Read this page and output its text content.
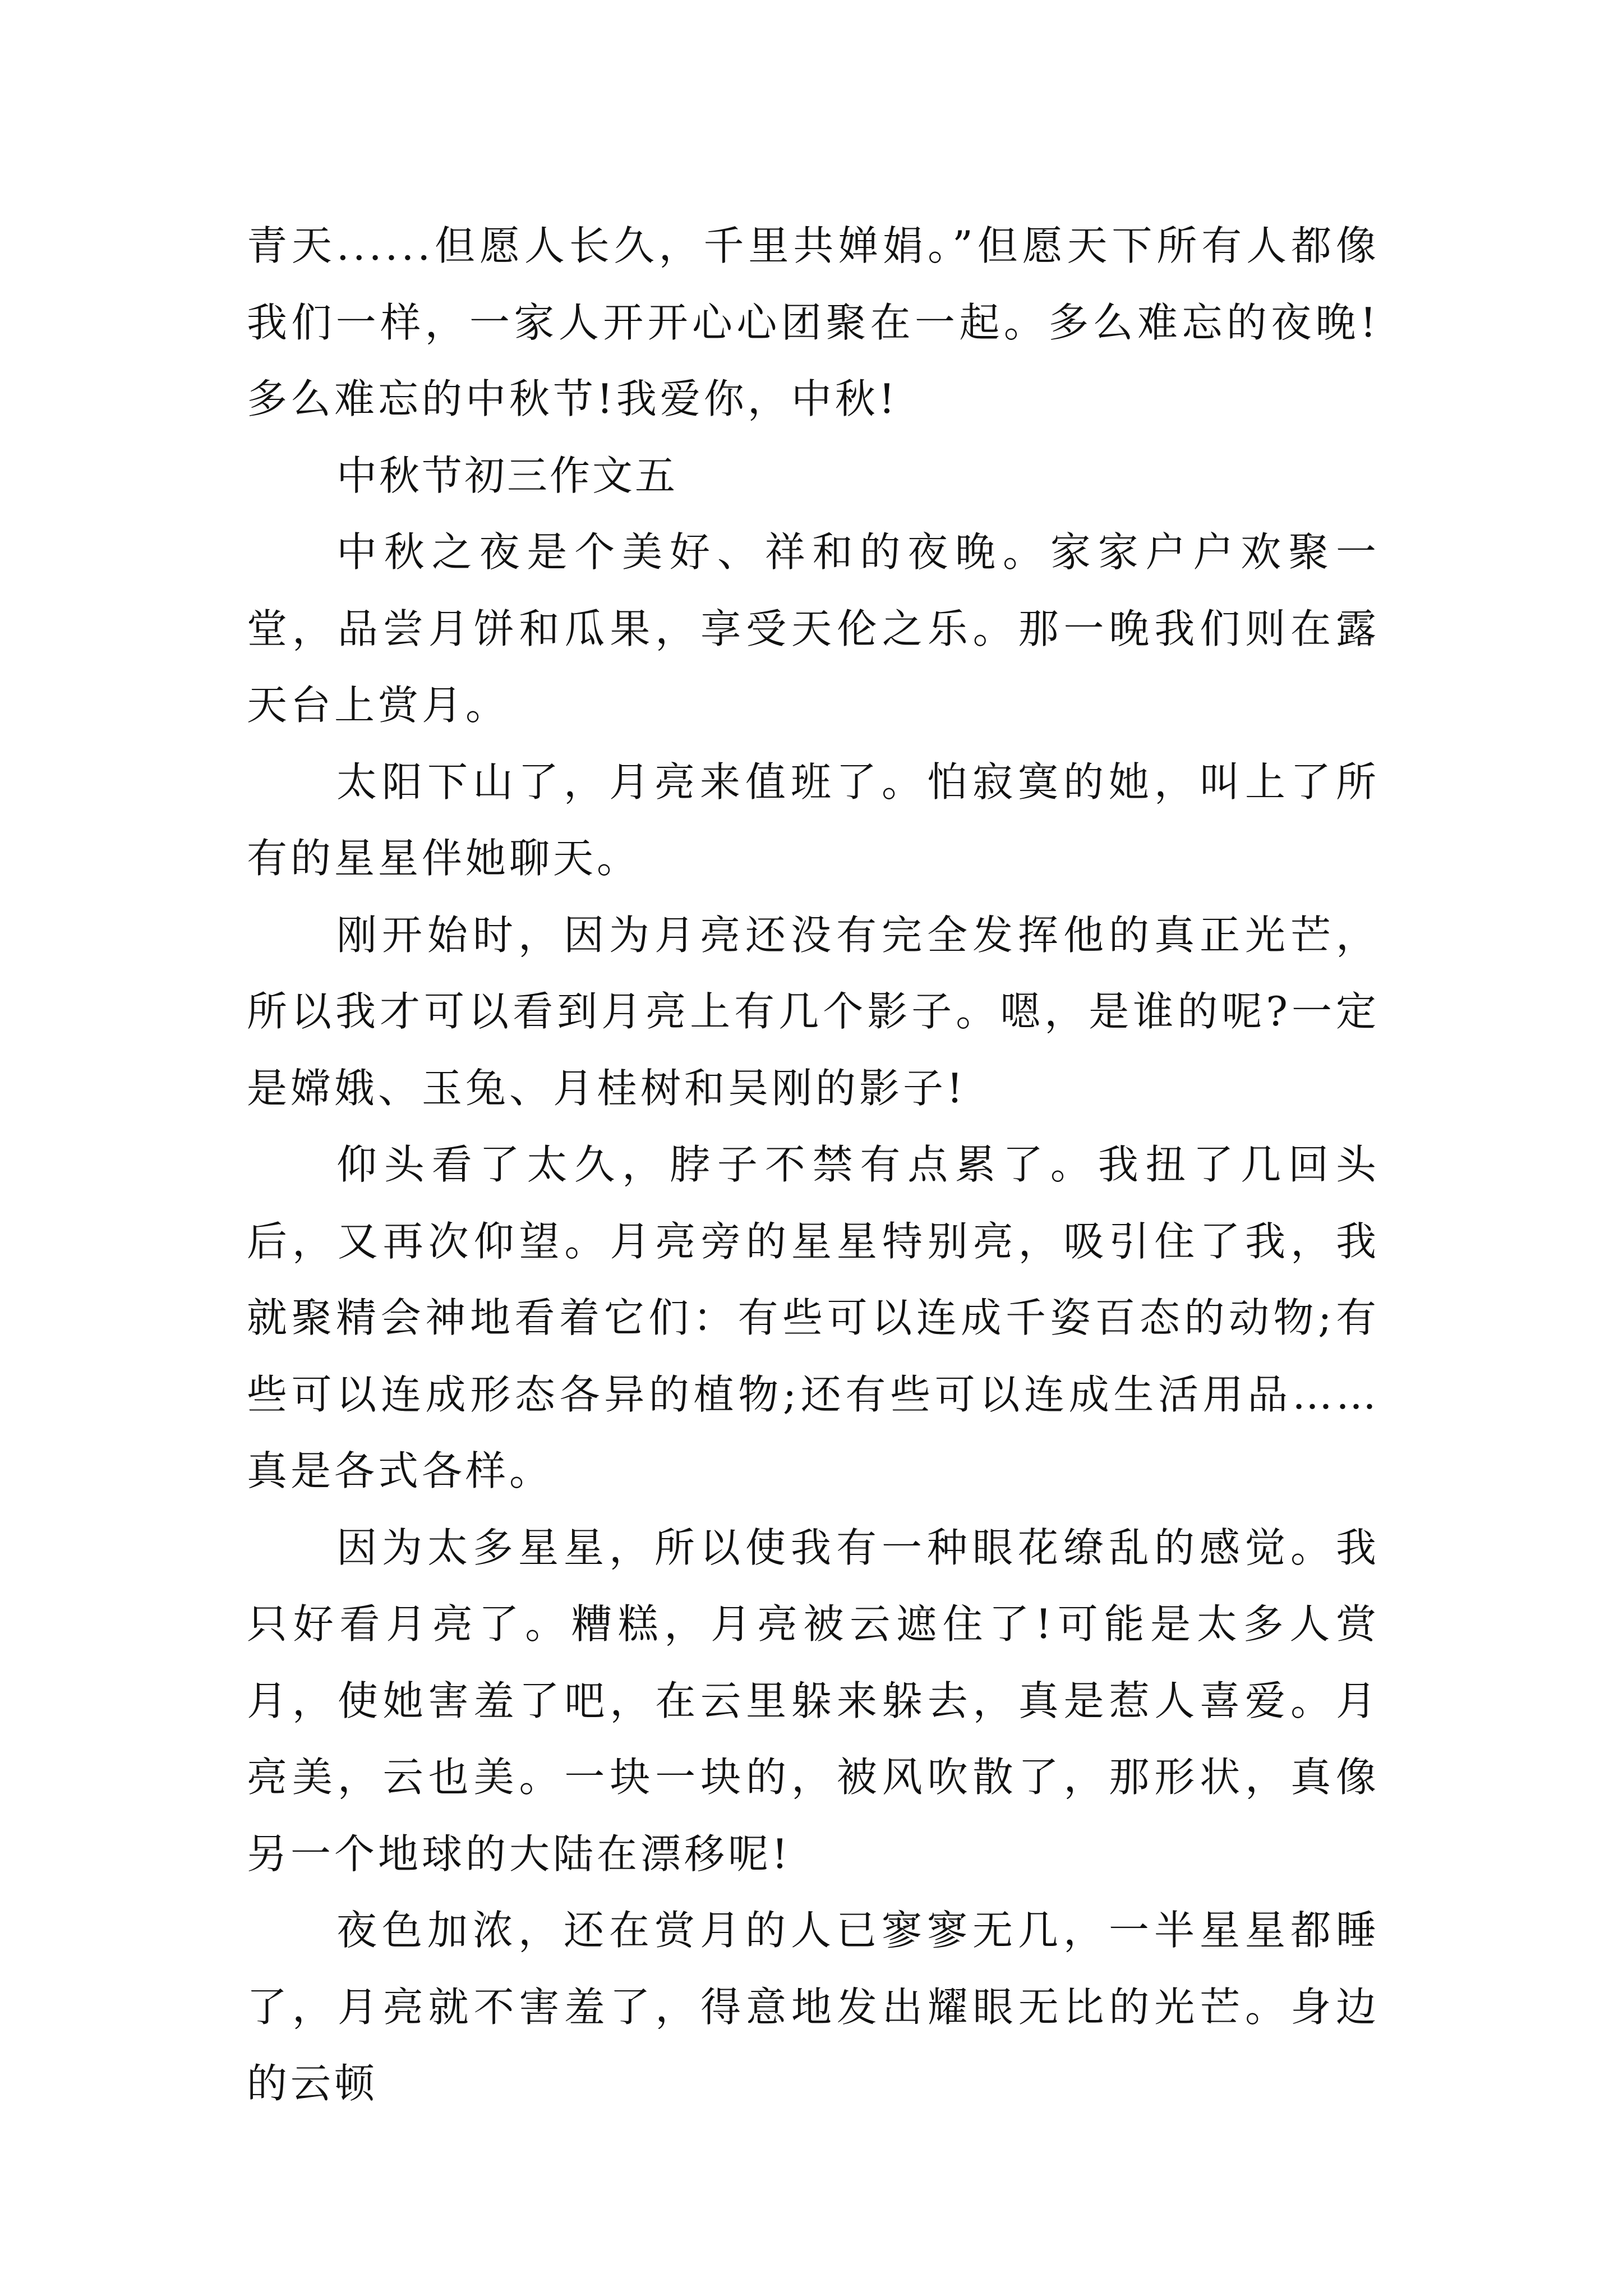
青天......但愿人长久，千里共婵娟。”但愿天下所有人都像我们一样，一家人开开心心团聚在一起。多么难忘的夜晚!多么难忘的中秋节!我爱你，中秋!

中秋节初三作文五

中秋之夜是个美好、祥和的夜晚。家家户户欢聚一堂，品尝月饼和瓜果，享受天伦之乐。那一晚我们则在露天台上赏月。

太阳下山了，月亮来值班了。怕寂寞的她，叫上了所有的星星伴她聊天。

刚开始时，因为月亮还没有完全发挥他的真正光芒，所以我才可以看到月亮上有几个影子。嗯，是谁的呢?一定是嫦娥、玉兔、月桂树和吴刚的影子!

仰头看了太久，脖子不禁有点累了。我扭了几回头后，又再次仰望。月亮旁的星星特别亮，吸引住了我，我就聚精会神地看着它们：有些可以连成千姿百态的动物;有些可以连成形态各异的植物;还有些可以连成生活用品……真是各式各样。

因为太多星星，所以使我有一种眼花缭乱的感觉。我只好看月亮了。糟糕，月亮被云遮住了!可能是太多人赏月，使她害羞了吧，在云里躲来躲去，真是惹人喜爱。月亮美，云也美。一块一块的，被风吹散了，那形状，真像另一个地球的大陆在漂移呢!

夜色加浓，还在赏月的人已寥寥无几，一半星星都睡了，月亮就不害羞了，得意地发出耀眼无比的光芒。身边的云顿
